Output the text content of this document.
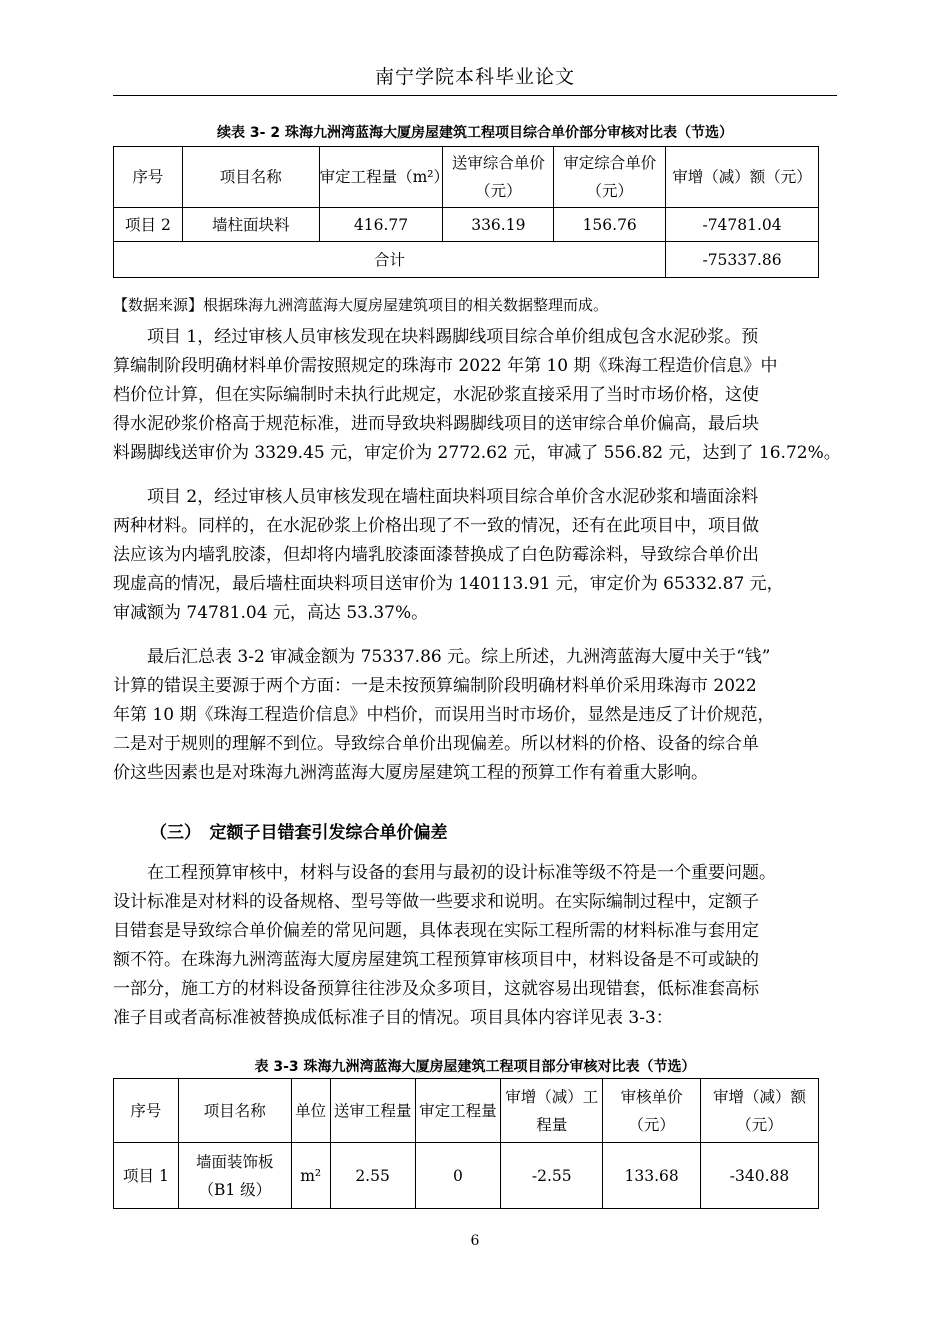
南宁学院本科毕业论文
续表 3- 2 珠海九洲湾蓝海大厦房屋建筑工程项目综合单价部分审核对比表（节选）
序号	项目名称	审定工程量（m²）	送审综合单价（元）	审定综合单价（元）	审增（减）额（元）
项目 2	墙柱面块料	416.77	336.19	156.76	-74781.04
合计					-75337.86
【数据来源】根据珠海九洲湾蓝海大厦房屋建筑项目的相关数据整理而成。
　　项目 1，经过审核人员审核发现在块料踢脚线项目综合单价组成包含水泥砂浆。预
算编制阶段明确材料单价需按照规定的珠海市 2022 年第 10 期《珠海工程造价信息》中
档价位计算，但在实际编制时未执行此规定，水泥砂浆直接采用了当时市场价格，这使
得水泥砂浆价格高于规范标准，进而导致块料踢脚线项目的送审综合单价偏高，最后块
料踢脚线送审价为 3329.45 元，审定价为 2772.62 元，审减了 556.82 元，达到了 16.72%。
　　项目 2，经过审核人员审核发现在墙柱面块料项目综合单价含水泥砂浆和墙面涂料
两种材料。同样的，在水泥砂浆上价格出现了不一致的情况，还有在此项目中，项目做
法应该为内墙乳胶漆，但却将内墙乳胶漆面漆替换成了白色防霉涂料，导致综合单价出
现虚高的情况，最后墙柱面块料项目送审价为 140113.91 元，审定价为 65332.87 元，
审减额为 74781.04 元，高达 53.37%。
　　最后汇总表 3-2 审减金额为 75337.86 元。综上所述，九洲湾蓝海大厦中关于“钱”
计算的错误主要源于两个方面：一是未按预算编制阶段明确材料单价采用珠海市 2022
年第 10 期《珠海工程造价信息》中档价，而误用当时市场价，显然是违反了计价规范，
二是对于规则的理解不到位。导致综合单价出现偏差。所以材料的价格、设备的综合单
价这些因素也是对珠海九洲湾蓝海大厦房屋建筑工程的预算工作有着重大影响。
（三）　定额子目错套引发综合单价偏差
　　在工程预算审核中，材料与设备的套用与最初的设计标准等级不符是一个重要问题。
设计标准是对材料的设备规格、型号等做一些要求和说明。在实际编制过程中，定额子
目错套是导致综合单价偏差的常见问题，具体表现在实际工程所需的材料标准与套用定
额不符。在珠海九洲湾蓝海大厦房屋建筑工程预算审核项目中，材料设备是不可或缺的
一部分，施工方的材料设备预算往往涉及众多项目，这就容易出现错套，低标准套高标
准子目或者高标准被替换成低标准子目的情况。项目具体内容详见表 3-3：
表 3-3 珠海九洲湾蓝海大厦房屋建筑工程项目部分审核对比表（节选）
序号	项目名称	单位	送审工程量	审定工程量	审增（减）工程量	审核单价（元）	审增（减）额（元）
项目 1	墙面装饰板（B1 级）	m²	2.55	0	-2.55	133.68	-340.88
6
